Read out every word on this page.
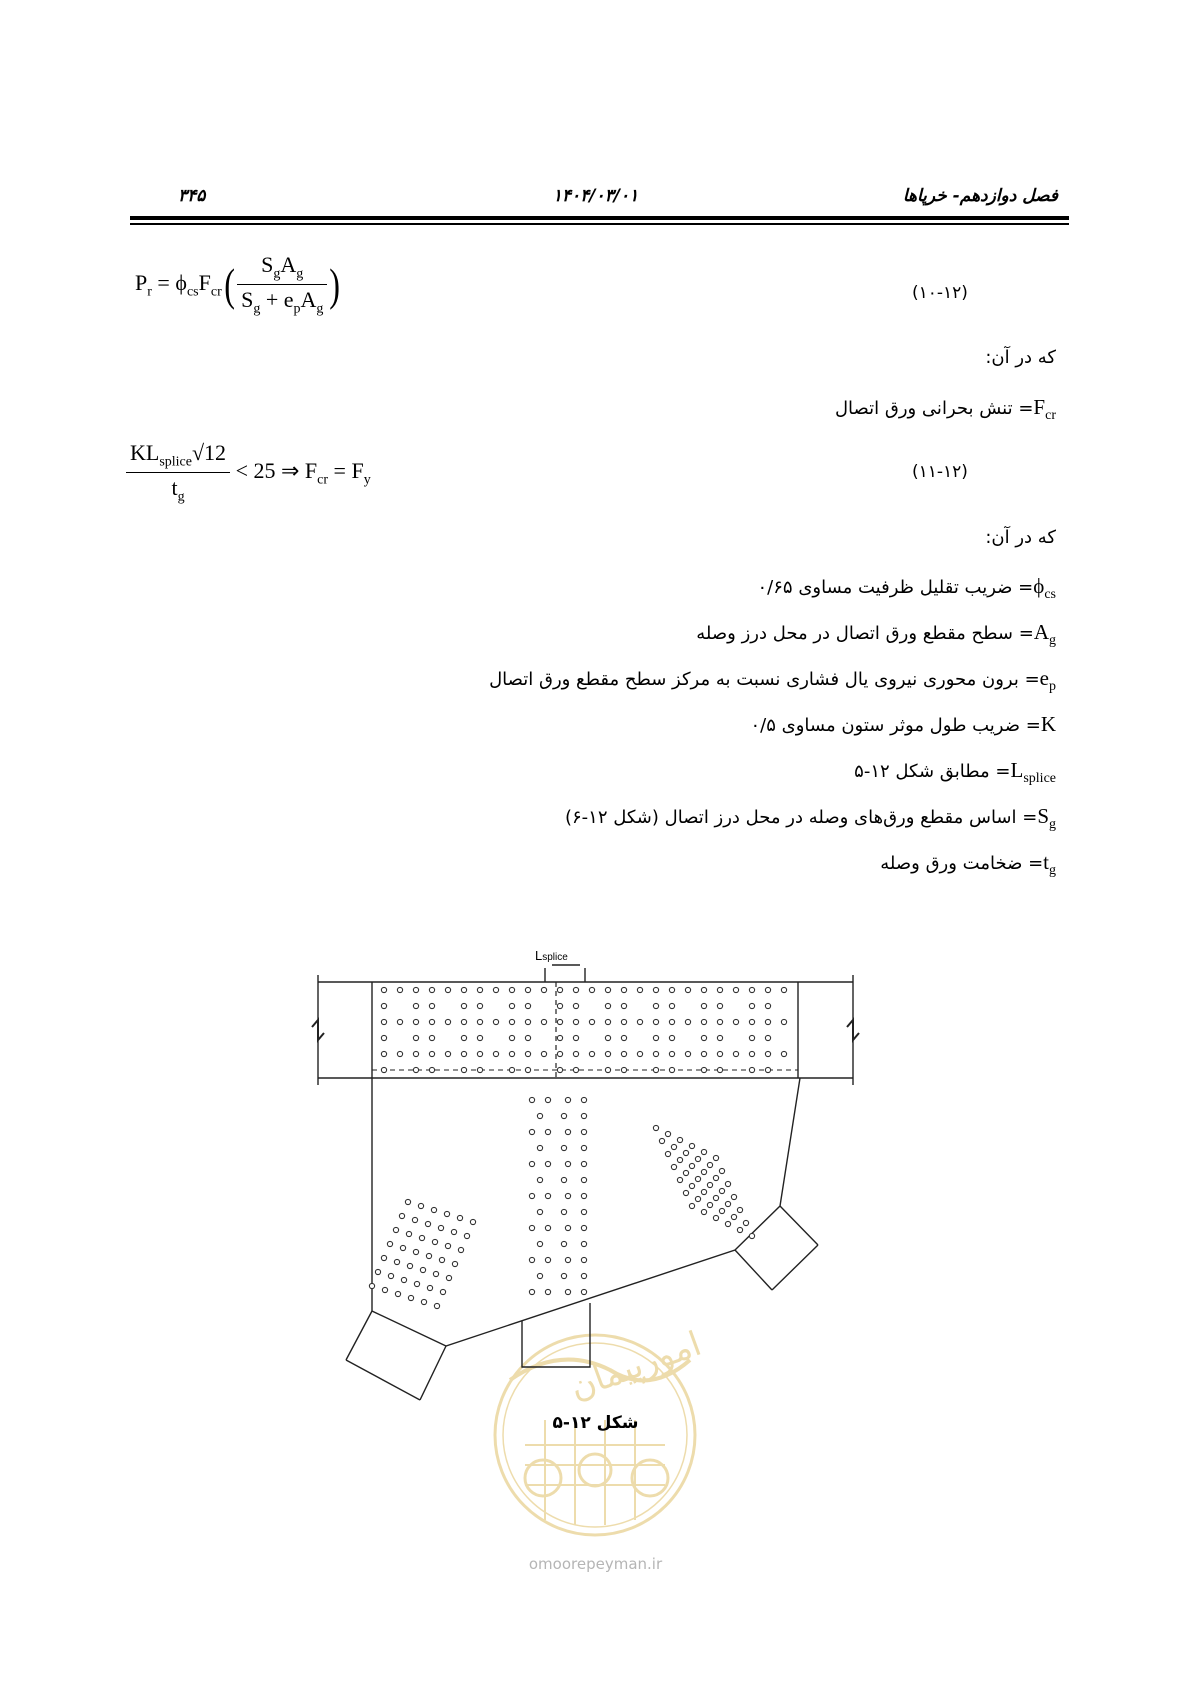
۳۴۵	۱۴۰۴/۰۳/۰۱	فصل دوازدهم- خرپاها
$P_r = \phi_{cs}F_{cr}( \frac{S_gA_g}{S_g + e_pA_g}$ )	(۱۰-۱۲)
که در آن:
$F_{cr}=$ تنش بحرانی ورق اتصال
$\frac{KL_{splice}√12}{t_g} < 25$ ⇒ $F_{cr} = F_y$	(۱۱-۱۲)
که در آن:
$\phi_{cs}=$ ضریب تقلیل ظرفیت مساوی ۰/۶۵
$A_g=$ سطح مقطع ورق اتصال در محل درز وصله
$e_p=$ برون محوری نیروی یال فشاری نسبت به مرکز سطح مقطع ورق اتصال
K= ضریب طول موثر ستون مساوی ۰/۵
$L_{splice}=$ مطابق شکل ۱۲-۵
$S_g=$ اساس مقطع ورق‌های وصله در محل درز اتصال (شکل ۱۲-۶)
$t_g=$ ضخامت ورق وصله
امورپیمان
Lsplice
شکل ۱۲-۵
omoorepeyman.ir
